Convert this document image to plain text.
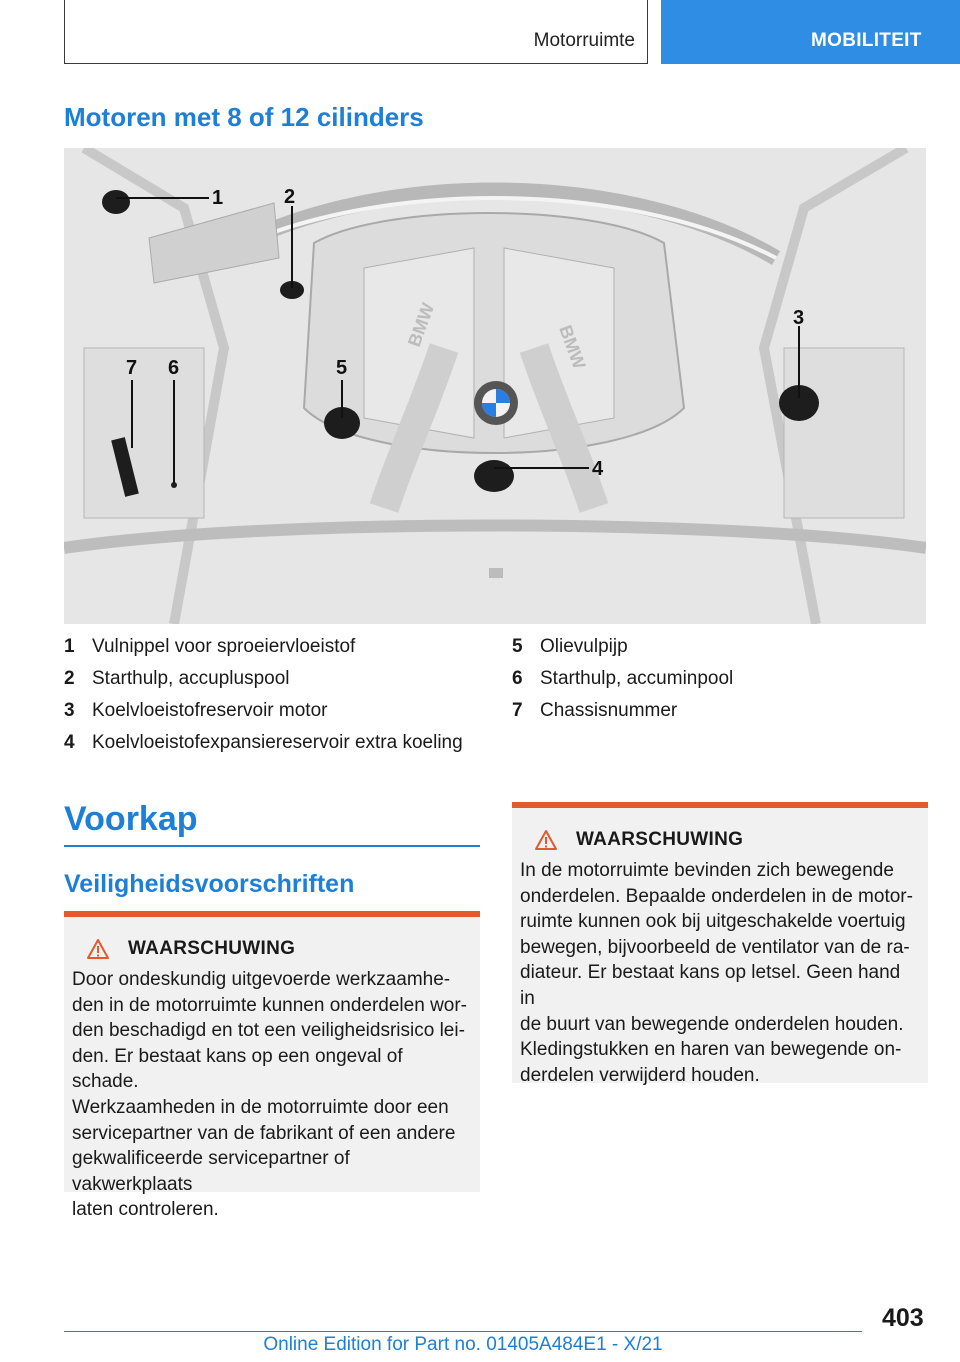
Motorruimte	MOBILITEIT
Motoren met 8 of 12 cilinders
BMW	BMW
1	2
3
4
5
6
7
1 Vulnippel voor sproeiervloeistof
2 Starthulp, accupluspool
3 Koelvloeistofreservoir motor
4 Koelvloeistofexpansiereservoir extra koeling
5 Olievulpijp
6 Starthulp, accuminpool
7 Chassisnummer
Voorkap
Veiligheidsvoorschriften
WAARSCHUWING
Door ondeskundig uitgevoerde werkzaamhe‐
den in de motorruimte kunnen onderdelen wor‐
den beschadigd en tot een veiligheidsrisico lei‐
den. Er bestaat kans op een ongeval of schade.
Werkzaamheden in de motorruimte door een
servicepartner van de fabrikant of een andere
gekwalificeerde servicepartner of vakwerkplaats
laten controleren.
WAARSCHUWING
In de motorruimte bevinden zich bewegende
onderdelen. Bepaalde onderdelen in de motor‐
ruimte kunnen ook bij uitgeschakelde voertuig
bewegen, bijvoorbeeld de ventilator van de ra‐
diateur. Er bestaat kans op letsel. Geen hand in
de buurt van bewegende onderdelen houden.
Kledingstukken en haren van bewegende on‐
derdelen verwijderd houden.
403
Online Edition for Part no. 01405A484E1 - X/21
